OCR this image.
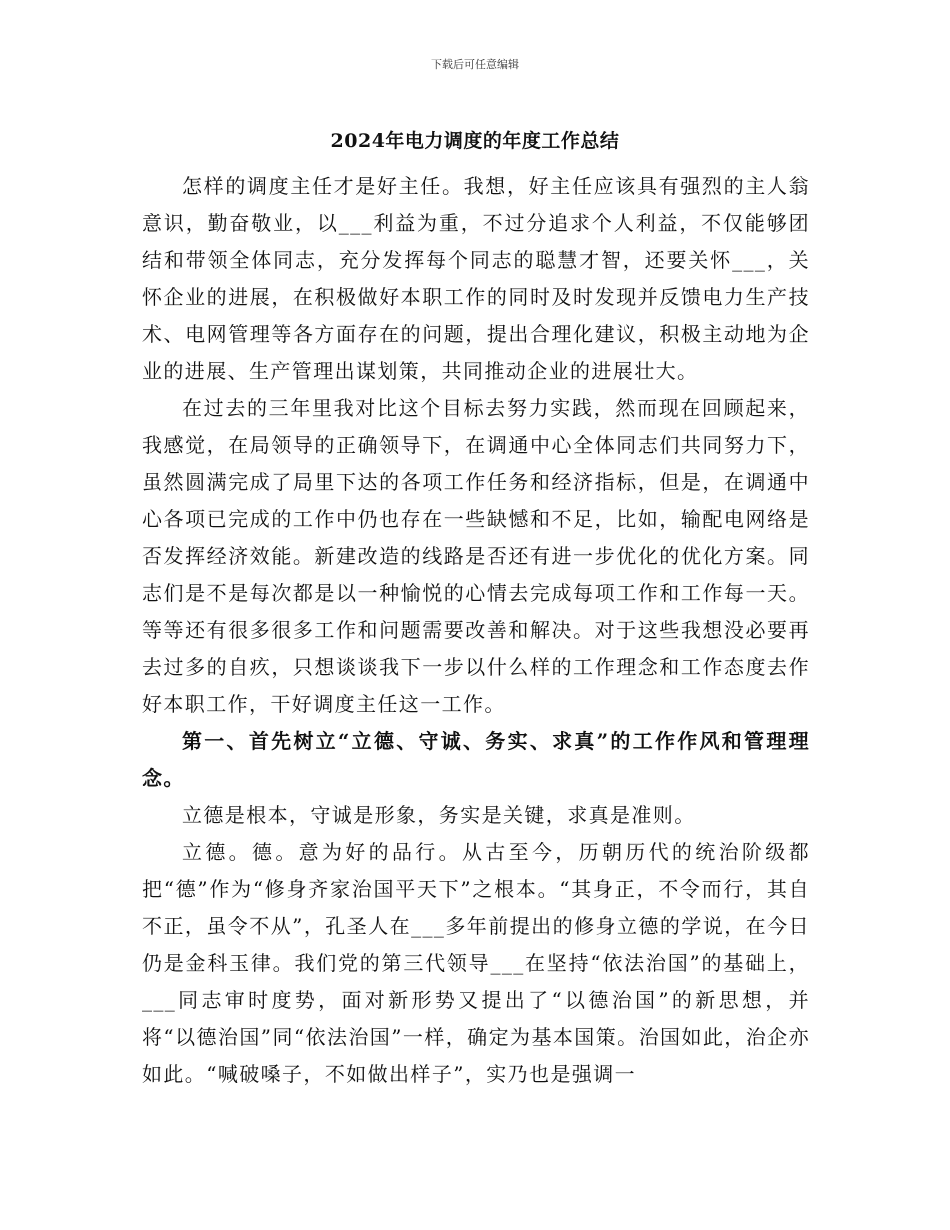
下载后可任意编辑
2024年电力调度的年度工作总结

怎样的调度主任才是好主任。我想，好主任应该具有强烈的主人翁意识，勤奋敬业，以___利益为重，不过分追求个人利益，不仅能够团结和带领全体同志，充分发挥每个同志的聪慧才智，还要关怀___，关怀企业的进展，在积极做好本职工作的同时及时发现并反馈电力生产技术、电网管理等各方面存在的问题，提出合理化建议，积极主动地为企业的进展、生产管理出谋划策，共同推动企业的进展壮大。

在过去的三年里我对比这个目标去努力实践，然而现在回顾起来，我感觉，在局领导的正确领导下，在调通中心全体同志们共同努力下，虽然圆满完成了局里下达的各项工作任务和经济指标，但是，在调通中心各项已完成的工作中仍也存在一些缺憾和不足，比如，输配电网络是否发挥经济效能。新建改造的线路是否还有进一步优化的优化方案。同志们是不是每次都是以一种愉悦的心情去完成每项工作和工作每一天。等等还有很多很多工作和问题需要改善和解决。对于这些我想没必要再去过多的自疚，只想谈谈我下一步以什么样的工作理念和工作态度去作好本职工作，干好调度主任这一工作。

第一、首先树立“立德、守诚、务实、求真”的工作作风和管理理念。

立德是根本，守诚是形象，务实是关键，求真是准则。

立德。德。意为好的品行。从古至今，历朝历代的统治阶级都把“德”作为“修身齐家治国平天下”之根本。“其身正，不令而行，其自不正，虽令不从”，孔圣人在___多年前提出的修身立德的学说，在今日仍是金科玉律。我们党的第三代领导___在坚持“依法治国”的基础上，___同志审时度势，面对新形势又提出了“以德治国”的新思想，并将“以德治国”同“依法治国”一样，确定为基本国策。治国如此，治企亦如此。“喊破嗓子，不如做出样子”，实乃也是强调一
